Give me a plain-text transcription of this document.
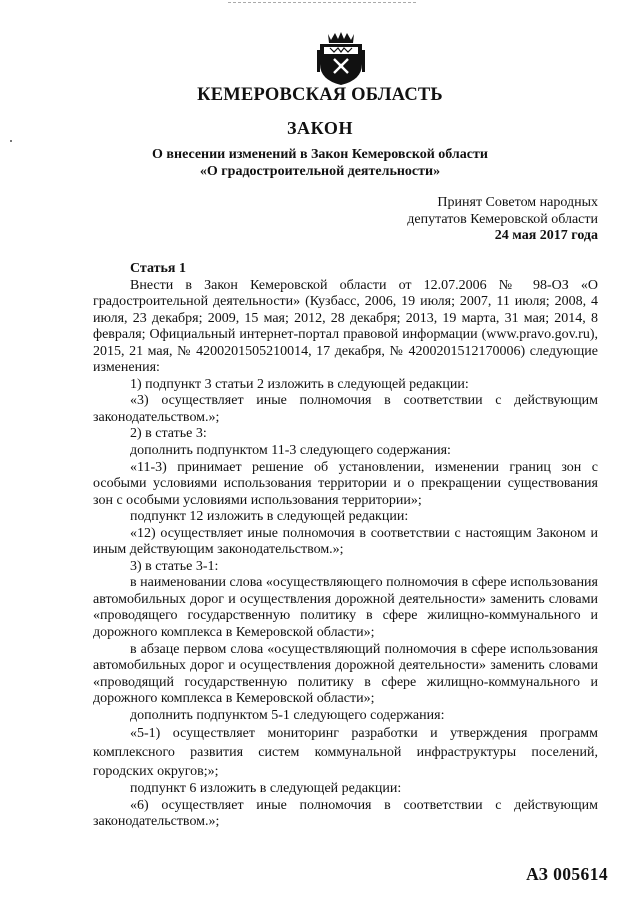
КЕМЕРОВСКАЯ ОБЛАСТЬ
ЗАКОН
О внесении изменений в Закон Кемеровской области
«О градостроительной деятельности»
Принят Советом народных
депутатов Кемеровской области
24 мая 2017 года

Статья 1

Внести в Закон Кемеровской области от 12.07.2006 № 98-ОЗ «О градостроительной деятельности» (Кузбасс, 2006, 19 июля; 2007, 11 июля; 2008, 4 июля, 23 декабря; 2009, 15 мая; 2012, 28 декабря; 2013, 19 марта, 31 мая; 2014, 8 февраля; Официальный интернет-портал правовой информации (www.pravo.gov.ru), 2015, 21 мая, № 4200201505210014, 17 декабря, № 4200201512170006) следующие изменения:

1) подпункт 3 статьи 2 изложить в следующей редакции:

«3) осуществляет иные полномочия в соответствии с действующим законодательством.»;

2) в статье 3:

дополнить подпунктом 11-3 следующего содержания:

«11-3) принимает решение об установлении, изменении границ зон с особыми условиями использования территории и о прекращении существования зон с особыми условиями использования территории»;

подпункт 12 изложить в следующей редакции:

«12) осуществляет иные полномочия в соответствии с настоящим Законом и иным действующим законодательством.»;

3) в статье 3-1:

в наименовании слова «осуществляющего полномочия в сфере использования автомобильных дорог и осуществления дорожной деятельности» заменить словами «проводящего государственную политику в сфере жилищно-коммунального и дорожного комплекса в Кемеровской области»;

в абзаце первом слова «осуществляющий полномочия в сфере использования автомобильных дорог и осуществления дорожной деятельности» заменить словами «проводящий государственную политику в сфере жилищно-коммунального и дорожного комплекса в Кемеровской области»;

дополнить подпунктом 5-1 следующего содержания:

«5-1) осуществляет мониторинг разработки и утверждения программ комплексного развития систем коммунальной инфраструктуры поселений, городских округов;»;

подпункт 6 изложить в следующей редакции:

«6) осуществляет иные полномочия в соответствии с действующим законодательством.»;

АЗ 005614
